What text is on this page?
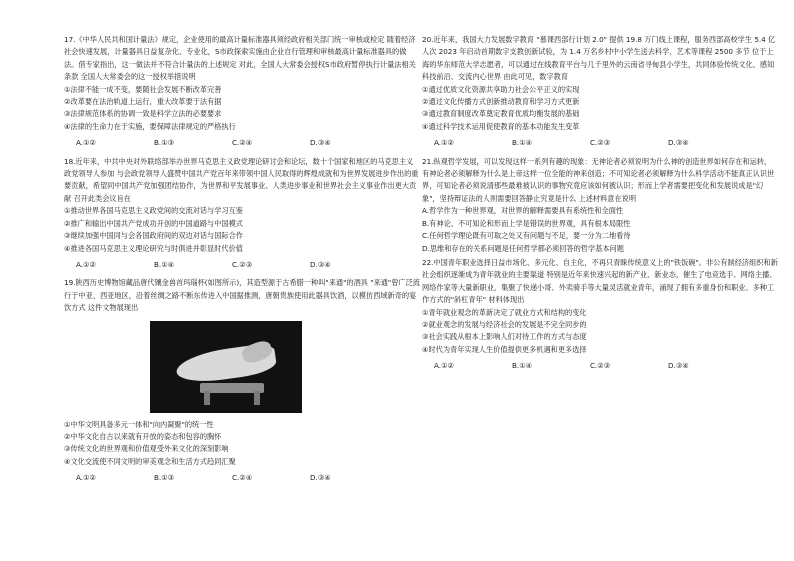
17.《中华人民共和国计量法》规定，企业使用的最高计量标准器具须经政府相关部门统一审核或检定 随着经济社会快速发展，计量器具日益复杂化、专业化，S市政探索实施由企业自行管理和审核最高计量标准器具的做法。借专家指出，这一做法并不符合计量法的上述规定 对此，全国人大常委会授权S市政府暂停执行计量法相关条款 全国人大常委会的这一授权举措说明
①法律不能一成不变，要随社会发展不断改革完善
②改革要在法治轨道上运行，重大改革要于法有据
③法律规范体系的协调一致是科学立法的必要要求
④法律的生命力在于实施，要保障法律规定的严格执行
A.①②	B.①③	C.②④	D.③④
18.近年来，中共中央对外联络部举办世界马克思主义政党理论研讨会和论坛，数十个国家和地区的马克思主义政党领导人参加 与会政党领导人盛赞中国共产党百年来带领中国人民取得的辉煌成就和为世界发展进步作出的重要贡献，希望同中国共产党加强团结协作，为世界和平发展事业、人类进步事业和世界社会主义事业作出更大贡献 召开此类会议旨在
①推动世界各国马克思主义政党间的交流对话与学习互鉴
②推广和输出中国共产党成功开创的中国道路与中国模式
③继续加强中国同与会各国政府间的双边对话与国际合作
④推进各国马克思主义理论研究与时俱进并彰显时代价值
A.①②	B.①④	C.②③	D.③④
19.陕西历史博物馆藏品唐代镶金兽首玛瑙杯(如图所示)，其造型源于古希腊一种叫"来通"的酒具 "来通"曾广泛流行于中亚、西亚地区，沿着丝绸之路不断东传进入中国据推测，唐朝贵族使用此器具饮酒，以模仿西域新奇的宴饮方式 这件文物展现出
①中华文明具备多元一体和"向内凝聚"的统一性
②中华文化自古以来就有开放的姿态和包容的胸怀
③传统文化的世界观和价值观受外来文化的深刻影响
④文化交流使不同文明的审美观念和生活方式趋同汇聚
A.①②	B.①③	C.②④	D.③④
20.近年来，我国大力发展数字教育 "慕课西部行计划 2.0" 提供 19.8 万门线上课程，服务西部高校学生 5.4 亿人次 2023 年启动首期数字支教创新试验，为 1.4 万名乡村中小学生送去科学、艺术等课程 2500 多节 位于上海的华东师范大学志愿者，可以通过在线教育平台与几千里外的云南省寻甸县小学生，共同体验传统文化、感知科技前沿、交流内心世界 由此可见，数字教育
①通过优质文化资源共享助力社会公平正义的实现
②通过文化传播方式创新推动教育和学习方式更新
③通过教育制度改革奠定教育优质均衡发展的基础
④通过科学技术运用促使教育的基本功能发生变革
A.①②	B.①④	C.②③	D.③④
21.纵观哲学发展，可以发现这样一系列有趣的现象：无神论者必须说明为什么神的创造世界如何存在和运转，有神论者必须解释为什么是上帝这样一位全能的神来创造；不可知论者必须解释为什么科学活动不能真正认识世界，可知论者必须说清那些最难被认识的事物究竟应该如何被认识；形而上学者需要把变化和发展说成是"幻象"，坚持辩证法的人则需要回答静止究竟是什么 上述材料意在说明
A.哲学作为一种世界观，对世界的解释需要具有系统性和全面性
B.有神论、不可知论和形而上学是错误的世界观，具有根本局限性
C.任何哲学理论既有可取之处又有问题与不足，要一分为二地看待
D.思维和存在的关系问题是任何哲学都必须回答的哲学基本问题
22.中国青年职业选择日益市场化、多元化、自主化，不再只青睐传统意义上的"铁饭碗"。非公有制经济组织和新社会组织逐渐成为青年就业的主要渠道 特别是近年来快速兴起的新产业、新业态，催生了电竞选手、网络主播、网络作家等大量新职业，集聚了快递小哥、外卖骑手等大量灵活就业青年，涌现了拥有多重身份和职业、多种工作方式的"斜杠青年" 材料体现出
①青年就业观念的革新决定了就业方式和结构的变化
②就业观念的发展与经济社会的发展是不完全同步的
③社会实践从根本上影响人们对待工作的方式与态度
④时代为青年实现人生价值提供更多机遇和更多选择
A.①②	B.①④	C.②③	D.③④
